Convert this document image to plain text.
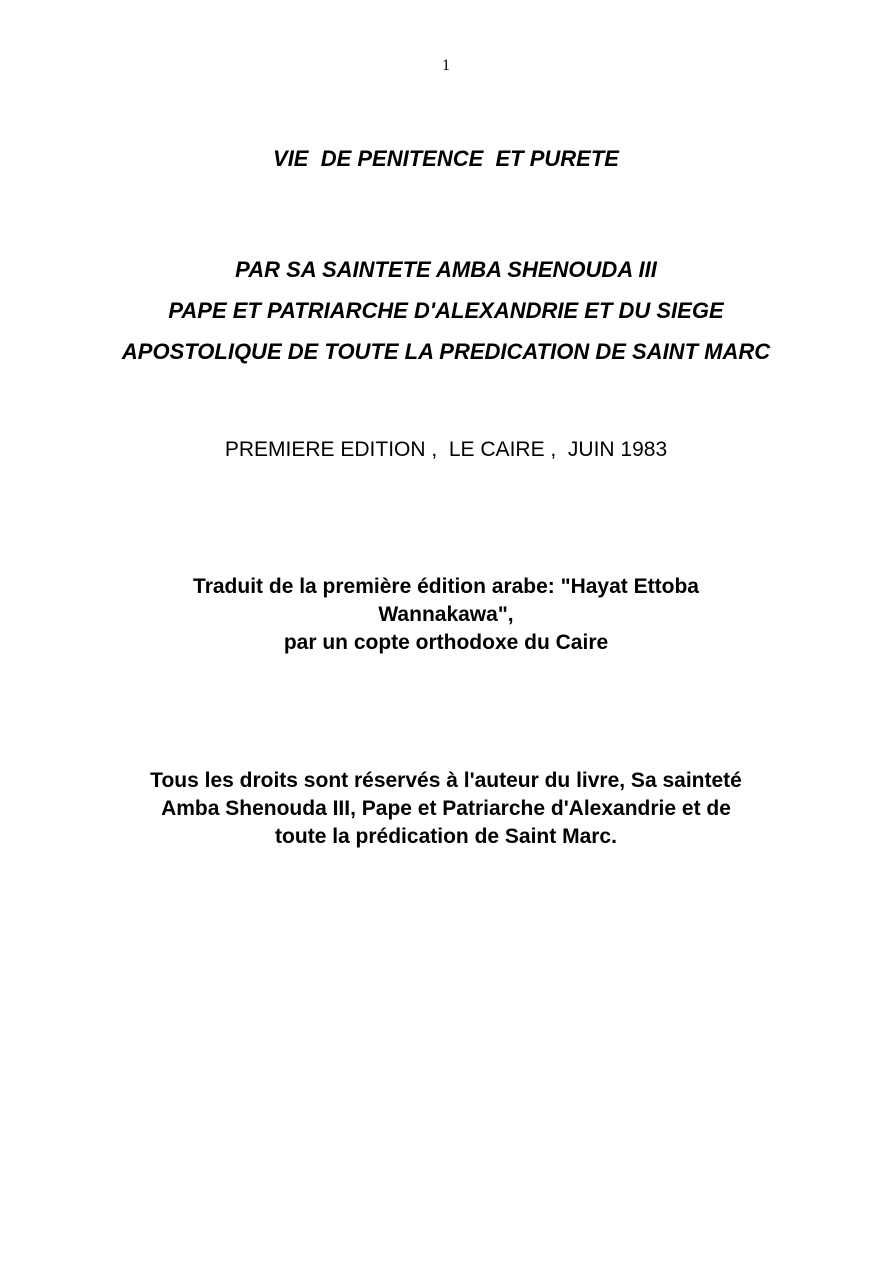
1
VIE  DE PENITENCE  ET PURETE
PAR SA SAINTETE AMBA SHENOUDA III
PAPE ET PATRIARCHE D'ALEXANDRIE ET DU SIEGE
APOSTOLIQUE DE TOUTE LA PREDICATION DE SAINT MARC
PREMIERE EDITION ,  LE CAIRE ,  JUIN 1983
Traduit de la première édition arabe: "Hayat Ettoba
Wannakawa",
par un copte orthodoxe du Caire
Tous les droits sont réservés à l'auteur du livre, Sa sainteté
Amba Shenouda III, Pape et Patriarche d'Alexandrie et de
toute la prédication de Saint Marc.
